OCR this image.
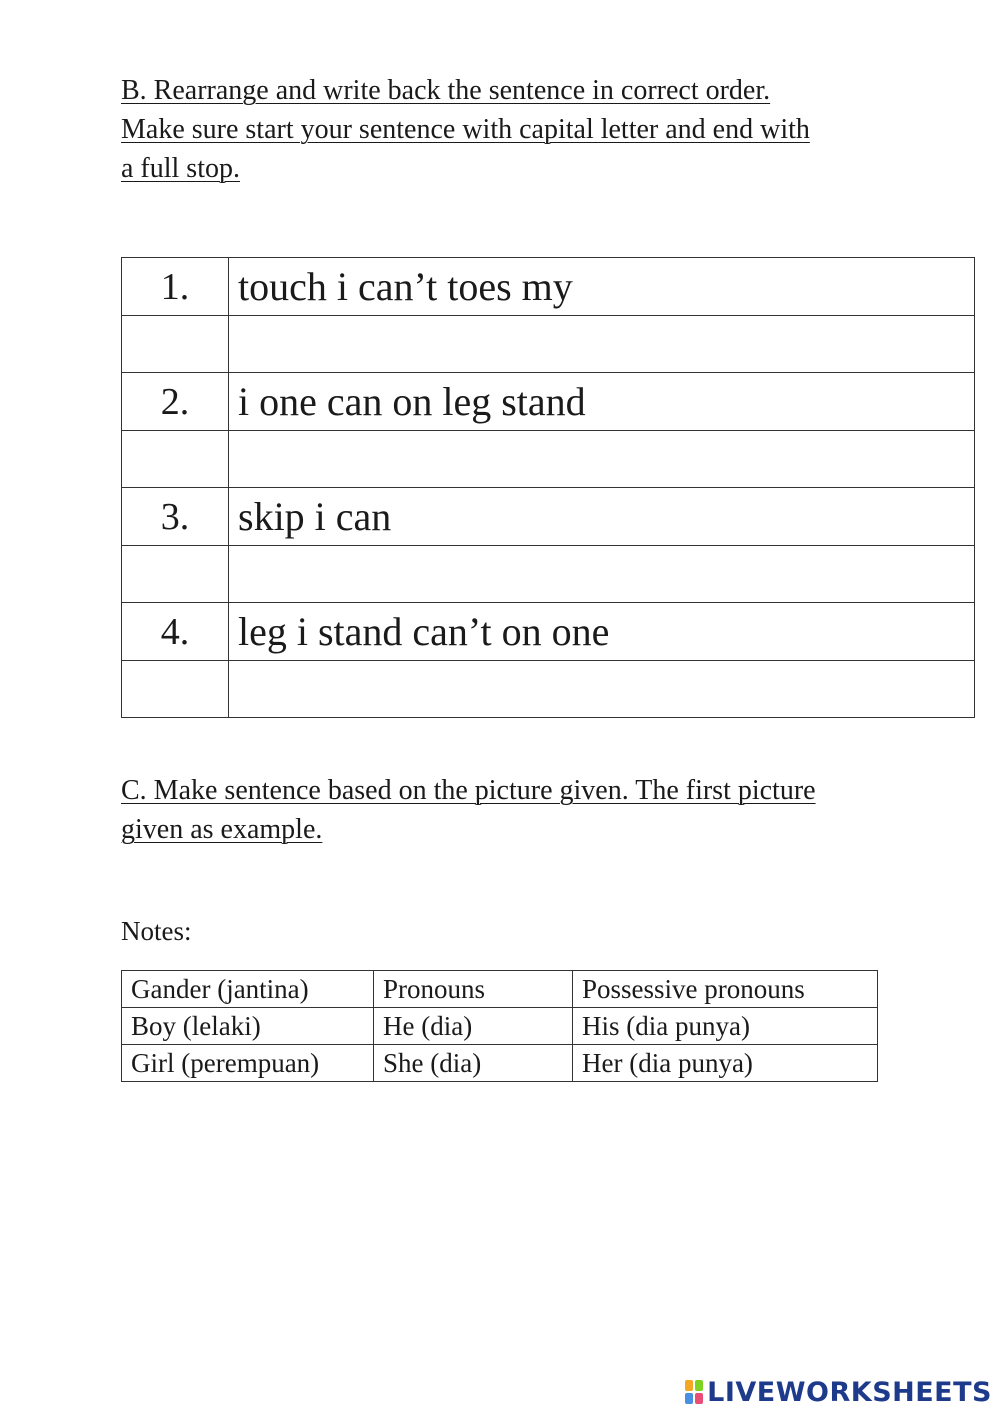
B. Rearrange and write back the sentence in correct order.
Make sure start your sentence with capital letter and end with
a full stop.
1.	touch i can’t toes my

2.	i one can on leg stand

3.	skip i can

4.	leg i stand can’t on one

C. Make sentence based on the picture given. The first picture
given as example.

Notes:

Gander (jantina)	Pronouns	Possessive pronouns
Boy (lelaki)	He (dia)	His (dia punya)
Girl (perempuan)	She (dia)	Her (dia punya)
LIVEWORKSHEETS
